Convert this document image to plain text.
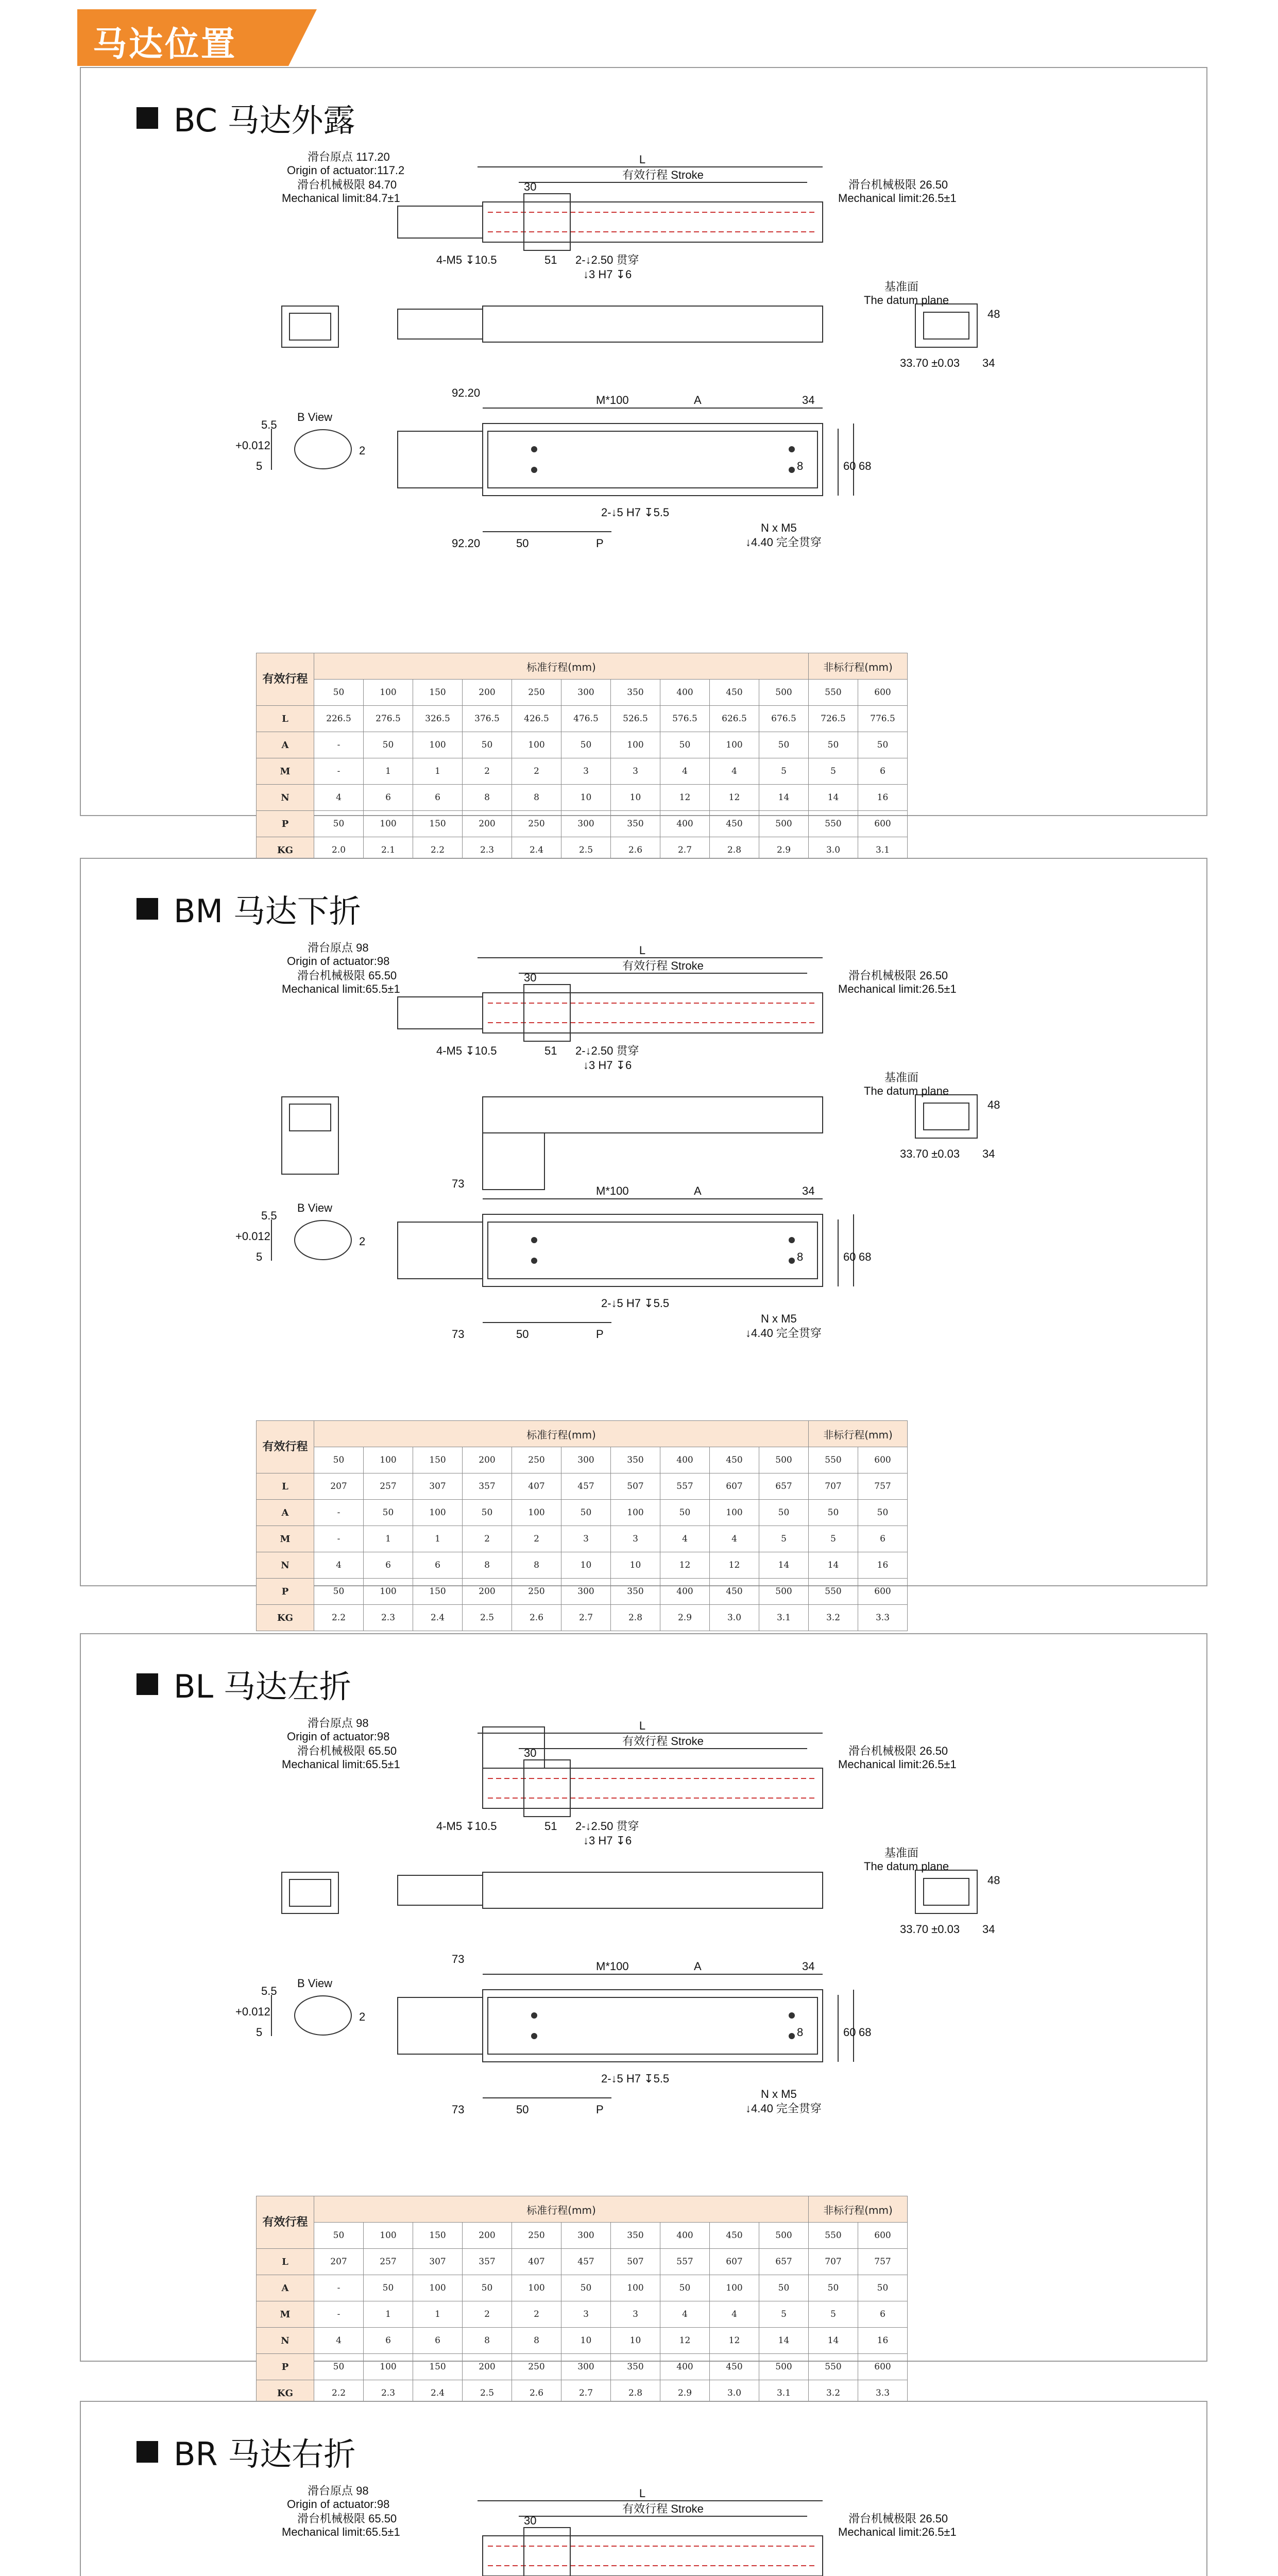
马达位置
BC 马达外露
L
有效行程 Stroke
滑台原点 117.20
Origin of actuator:117.2
滑台机械极限 84.70
Mechanical limit:84.7±1
滑台机械极限 26.50
Mechanical limit:26.5±1
30
51
4-M5 ↧10.5	2-↓2.50 贯穿
↓3 H7 ↧6
基准面
The datum plane
33.70 ±0.03 34
48
92.20
M*100	A	34
8	60 68
2-↓5 H7 ↧5.5
N x M5
↓4.40 完全贯穿
92.20	50	P
B View
2
5
5.5
+0.012
有效行程	标准行程(mm)										非标行程(mm)	
	50	100	150	200	250	300	350	400	450	500	550	600
L	226.5	276.5	326.5	376.5	426.5	476.5	526.5	576.5	626.5	676.5	726.5	776.5
A	-	50	100	50	100	50	100	50	100	50	50	50
M	-	1	1	2	2	3	3	4	4	5	5	6
N	4	6	6	8	8	10	10	12	12	14	14	16
P	50	100	150	200	250	300	350	400	450	500	550	600
KG	2.0	2.1	2.2	2.3	2.4	2.5	2.6	2.7	2.8	2.9	3.0	3.1
BM 马达下折
L
有效行程 Stroke
滑台原点 98
Origin of actuator:98
滑台机械极限 65.50
Mechanical limit:65.5±1
滑台机械极限 26.50
Mechanical limit:26.5±1
30
51
4-M5 ↧10.5	2-↓2.50 贯穿
↓3 H7 ↧6
基准面
The datum plane
33.70 ±0.03 34
48
73
M*100	A	34
8	60 68
2-↓5 H7 ↧5.5
N x M5
↓4.40 完全贯穿
73	50	P
B View
2
5
5.5
+0.012
有效行程	标准行程(mm)										非标行程(mm)	
	50	100	150	200	250	300	350	400	450	500	550	600
L	207	257	307	357	407	457	507	557	607	657	707	757
A	-	50	100	50	100	50	100	50	100	50	50	50
M	-	1	1	2	2	3	3	4	4	5	5	6
N	4	6	6	8	8	10	10	12	12	14	14	16
P	50	100	150	200	250	300	350	400	450	500	550	600
KG	2.2	2.3	2.4	2.5	2.6	2.7	2.8	2.9	3.0	3.1	3.2	3.3
BL 马达左折
L
有效行程 Stroke
滑台原点 98
Origin of actuator:98
滑台机械极限 65.50
Mechanical limit:65.5±1
滑台机械极限 26.50
Mechanical limit:26.5±1
30
51
4-M5 ↧10.5	2-↓2.50 贯穿
↓3 H7 ↧6
基准面
The datum plane
33.70 ±0.03 34
48
73
M*100	A	34
8	60 68
2-↓5 H7 ↧5.5
N x M5
↓4.40 完全贯穿
73	50	P
B View
2
5
5.5
+0.012
有效行程	标准行程(mm)										非标行程(mm)	
	50	100	150	200	250	300	350	400	450	500	550	600
L	207	257	307	357	407	457	507	557	607	657	707	757
A	-	50	100	50	100	50	100	50	100	50	50	50
M	-	1	1	2	2	3	3	4	4	5	5	6
N	4	6	6	8	8	10	10	12	12	14	14	16
P	50	100	150	200	250	300	350	400	450	500	550	600
KG	2.2	2.3	2.4	2.5	2.6	2.7	2.8	2.9	3.0	3.1	3.2	3.3
BR 马达右折
L
有效行程 Stroke
滑台原点 98
Origin of actuator:98
滑台机械极限 65.50
Mechanical limit:65.5±1
滑台机械极限 26.50
Mechanical limit:26.5±1
30
